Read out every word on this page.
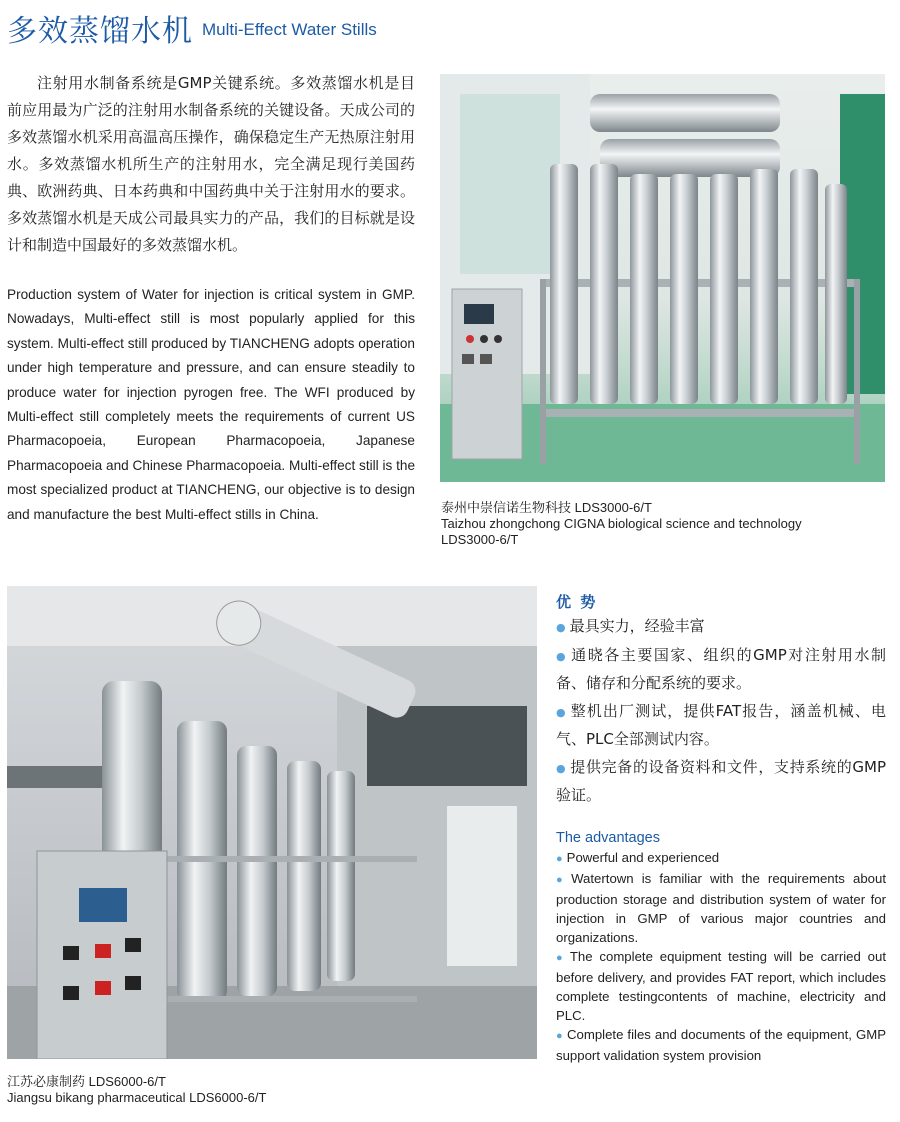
多效蒸馏水机 Multi-Effect Water Stills

注射用水制备系统是GMP关键系统。多效蒸馏水机是目前应用最为广泛的注射用水制备系统的关键设备。天成公司的多效蒸馏水机采用高温高压操作，确保稳定生产无热原注射用水。多效蒸馏水机所生产的注射用水，完全满足现行美国药典、欧洲药典、日本药典和中国药典中关于注射用水的要求。多效蒸馏水机是天成公司最具实力的产品，我们的目标就是设计和制造中国最好的多效蒸馏水机。

Production system of Water for injection is critical system in GMP. Nowadays, Multi-effect still is most popularly applied for this system. Multi-effect still produced by TIANCHENG adopts operation under high temperature and pressure, and can ensure steadily to produce water for injection pyrogen free. The WFI produced by Multi-effect still completely meets the requirements of current US Pharmacopoeia, European Pharmacopoeia, Japanese Pharmacopoeia and Chinese Pharmacopoeia. Multi-effect still is the most specialized product at TIANCHENG, our objective is to design and manufacture the best Multi-effect stills in China.	泰州中崇信诺生物科技 LDS3000-6/T
Taizhou zhongchong CIGNA biological science and technology
LDS3000-6/T
江苏必康制药 LDS6000-6/T
Jiangsu bikang pharmaceutical LDS6000-6/T
优 势
● 最具实力，经验丰富
● 通晓各主要国家、组织的GMP对注射用水制备、储存和分配系统的要求。
● 整机出厂测试，提供FAT报告，涵盖机械、电气、PLC全部测试内容。
● 提供完备的设备资料和文件，支持系统的GMP验证。
The advantages
● Powerful and experienced
● Watertown is familiar with the requirements about production storage and distribution system of water for injection in GMP of various major countries and organizations.
● The complete equipment testing will be carried out before delivery, and provides FAT report, which includes complete testingcontents of machine, electricity and PLC.
● Complete files and documents of the equipment, GMP support validation system provision
